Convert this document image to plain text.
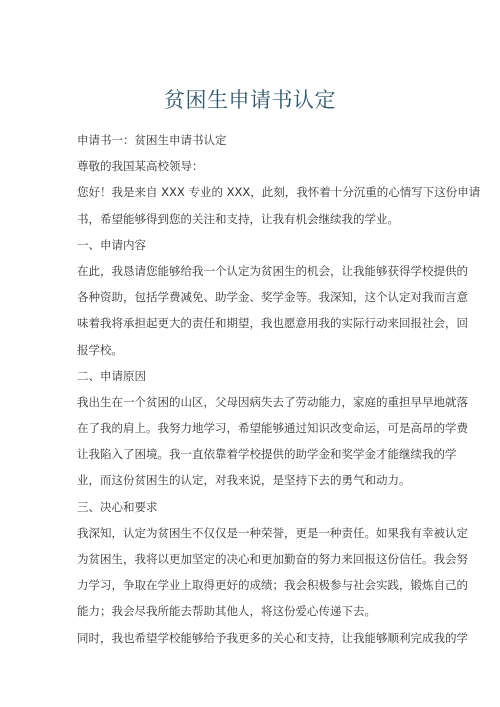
贫困生申请书认定
申请书一：贫困生申请书认定
尊敬的我国某高校领导：
您好！我是来自 XXX 专业的 XXX，此刻，我怀着十分沉重的心情写下这份申请
书，希望能够得到您的关注和支持，让我有机会继续我的学业。
一、申请内容
在此，我恳请您能够给我一个认定为贫困生的机会，让我能够获得学校提供的
各种资助，包括学费减免、助学金、奖学金等。我深知，这个认定对我而言意
味着我将承担起更大的责任和期望，我也愿意用我的实际行动来回报社会，回
报学校。
二、申请原因
我出生在一个贫困的山区，父母因病失去了劳动能力，家庭的重担早早地就落
在了我的肩上。我努力地学习，希望能够通过知识改变命运，可是高昂的学费
让我陷入了困境。我一直依靠着学校提供的助学金和奖学金才能继续我的学
业，而这份贫困生的认定，对我来说，是坚持下去的勇气和动力。
三、决心和要求
我深知，认定为贫困生不仅仅是一种荣誉，更是一种责任。如果我有幸被认定
为贫困生，我将以更加坚定的决心和更加勤奋的努力来回报这份信任。我会努
力学习，争取在学业上取得更好的成绩；我会积极参与社会实践，锻炼自己的
能力；我会尽我所能去帮助其他人，将这份爱心传递下去。
同时，我也希望学校能够给予我更多的关心和支持，让我能够顺利完成我的学
